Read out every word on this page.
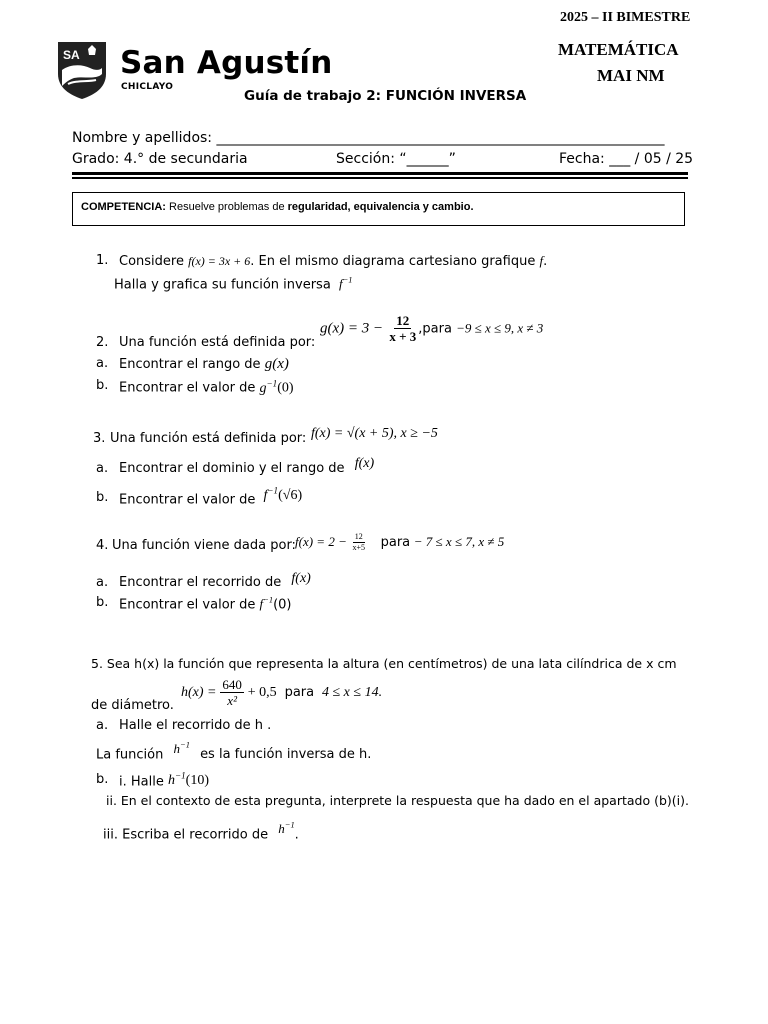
2025 – II BIMESTRE
MATEMÁTICA
MAI NM
SA San Agustín
CHICLAYO
Guía de trabajo 2: FUNCIÓN INVERSA
Nombre y apellidos: ________________________________________________________________
Grado: 4.° de secundaria	Sección: “______”	Fecha: ___ / 05 / 25
COMPETENCIA: Resuelve problemas de regularidad, equivalencia y cambio.
1. Considere f(x) = 3x + 6. En el mismo diagrama cartesiano grafique f.
Halla y grafica su función inversa $f^{-1}$
2. Una función está definida por:
$g(x) = 3 - \frac{12}{x + 3}$ ,para −9 ≤ x ≤ 9, x ≠ 3
a. Encontrar el rango de g(x)
b. Encontrar el valor de $g^{-1}(0)$
3. Una función está definida por: f(x) = √(x + 5), x ≥ −5
a. Encontrar el dominio y el rango de f(x)
b. Encontrar el valor de $f^{-1}(√6)$
4. Una función viene dada por: $f(x) = 2 - \frac{12}{x+5}$ para − 7 ≤ x ≤ 7, x ≠ 5
a. Encontrar el recorrido de f(x)
b. Encontrar el valor de $f^{-1}(0)$
5. Sea h(x) la función que representa la altura (en centímetros) de una lata cilíndrica de x cm
$h(x) = \frac{640}{\text{x²}} + 0,5$ para 4 ≤ x ≤ 14.
de diámetro.
a. Halle el recorrido de h .
La función $h^{-1}$ es la función inversa de h.
b. i. Halle $h^{-1}(10)$
ii. En el contexto de esta pregunta, interprete la respuesta que ha dado en el apartado (b)(i).
iii. Escriba el recorrido de $h^{-1}$.
